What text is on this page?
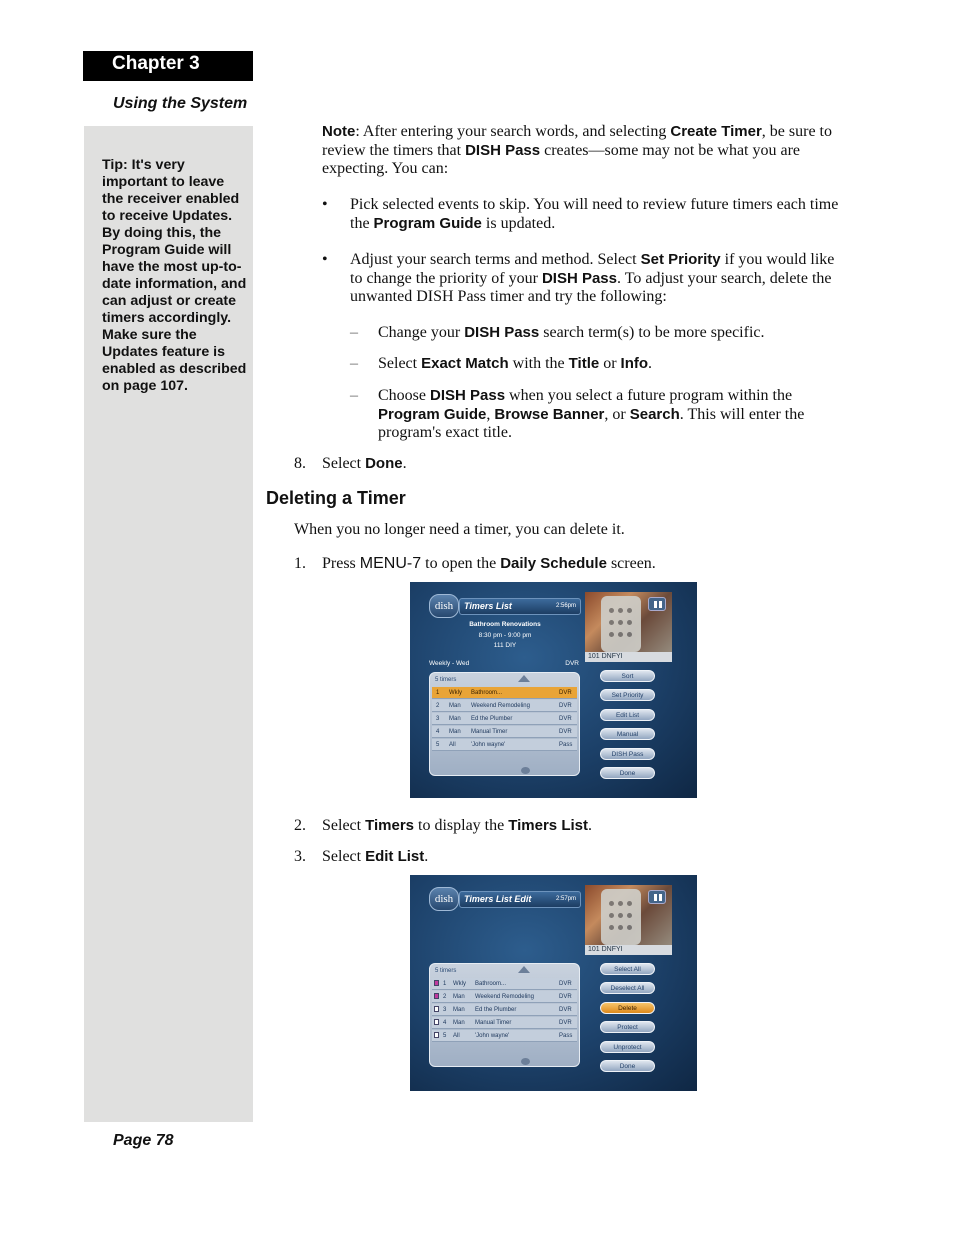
Chapter 3
Using the System
Tip: It's very important to leave the receiver enabled to receive Updates. By doing this, the Program Guide will have the most up-to-date information, and can adjust or create timers accordingly. Make sure the Updates feature is enabled as described on page 107.
Note: After entering your search words, and selecting Create Timer, be sure to review the timers that DISH Pass creates—some may not be what you are expecting. You can:
• Pick selected events to skip. You will need to review future timers each time the Program Guide is updated.
• Adjust your search terms and method. Select Set Priority if you would like to change the priority of your DISH Pass. To adjust your search, delete the unwanted DISH Pass timer and try the following:
– Change your DISH Pass search term(s) to be more specific.
– Select Exact Match with the Title or Info.
– Choose DISH Pass when you select a future program within the Program Guide, Browse Banner, or Search. This will enter the program's exact title.
8. Select Done.
Deleting a Timer
When you no longer need a timer, you can delete it.
1. Press MENU-7 to open the Daily Schedule screen.
dish	Timers List	2:56pm
101 DNFYI
Bathroom Renovations
8:30 pm - 9:00 pm
111 DIY
Weekly - Wed	DVR
5 timers
1 Wkly Bathroom...	DVR
2 Man Weekend Remodeling	DVR
3 Man Ed the Plumber	DVR
4 Man Manual Timer	DVR
5 All	'John wayne'	Pass
Sort
Set Priority
Edit List
Manual
DISH Pass
Done
2. Select Timers to display the Timers List.
3. Select Edit List.
dish	Timers List Edit	2:57pm
101 DNFYI
5 timers
1 Wkly Bathroom...	DVR
2 Man Weekend Remodeling	DVR
3 Man Ed the Plumber	DVR
4 Man Manual Timer	DVR
5 All	'John wayne'	Pass
Select All
Deselect All
Delete
Protect
Unprotect
Done
Page 78
